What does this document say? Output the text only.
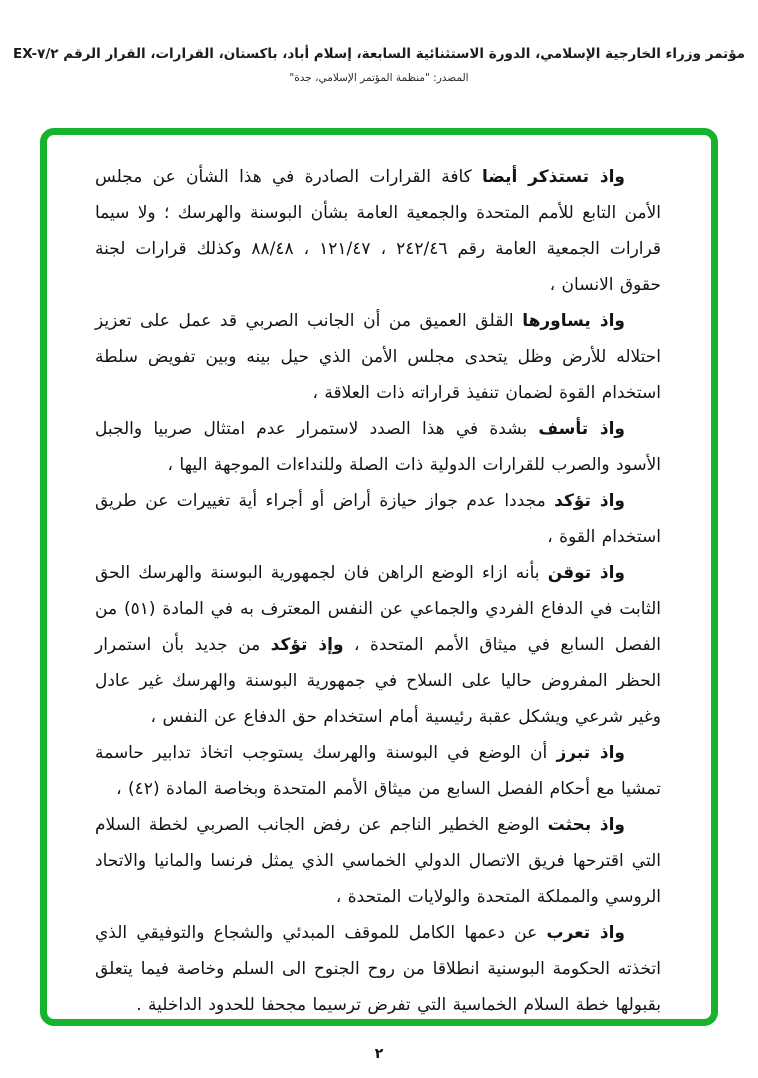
مؤتمر وزراء الخارجية الإسلامي، الدورة الاستثنائية السابعة، إسلام أباد، باكستان، القرارات، القرار الرقم EX-٧/٢
المصدر: "منظمة المؤتمر الإسلامي، جدة"

واذ تستذكر أيضا كافة القرارات الصادرة في هذا الشأن عن مجلس الأمن التابع للأمم المتحدة والجمعية العامة بشأن البوسنة والهرسك ؛ ولا سيما قرارات الجمعية العامة رقم ٢٤٢/٤٦ ، ١٢١/٤٧ ، ٨٨/٤٨ وكذلك قرارات لجنة حقوق الانسان ،

واذ يساورها القلق العميق من أن الجانب الصربي قد عمل على تعزيز احتلاله للأرض وظل يتحدى مجلس الأمن الذي حيل بينه وبين تفويض سلطة استخدام القوة لضمان تنفيذ قراراته ذات العلاقة ،

واذ تأسف بشدة في هذا الصدد لاستمرار عدم امتثال صربيا والجبل الأسود والصرب للقرارات الدولية ذات الصلة وللنداءات الموجهة اليها ،

واذ تؤكد مجددا عدم جواز حيازة أراض أو أجراء أية تغييرات عن طريق استخدام القوة ،

واذ توقن بأنه ازاء الوضع الراهن فان لجمهورية البوسنة والهرسك الحق الثابت في الدفاع الفردي والجماعي عن النفس المعترف به في المادة (٥١) من الفصل السابع في ميثاق الأمم المتحدة ، وإذ تؤكد من جديد بأن استمرار الحظر المفروض حاليا على السلاح في جمهورية البوسنة والهرسك غير عادل وغير شرعي ويشكل عقبة رئيسية أمام استخدام حق الدفاع عن النفس ،

واذ تبرز أن الوضع في البوسنة والهرسك يستوجب اتخاذ تدابير حاسمة تمشيا مع أحكام الفصل السابع من ميثاق الأمم المتحدة وبخاصة المادة (٤٢) ،

واذ بحثت الوضع الخطير الناجم عن رفض الجانب الصربي لخطة السلام التي اقترحها فريق الاتصال الدولي الخماسي الذي يمثل فرنسا والمانيا والاتحاد الروسي والمملكة المتحدة والولايات المتحدة ،

واذ تعرب عن دعمها الكامل للموقف المبدئي والشجاع والتوفيقي الذي اتخذته الحكومة البوسنية انطلاقا من روح الجنوح الى السلم وخاصة فيما يتعلق بقبولها خطة السلام الخماسية التي تفرض ترسيما مجحفا للحدود الداخلية .

٢
